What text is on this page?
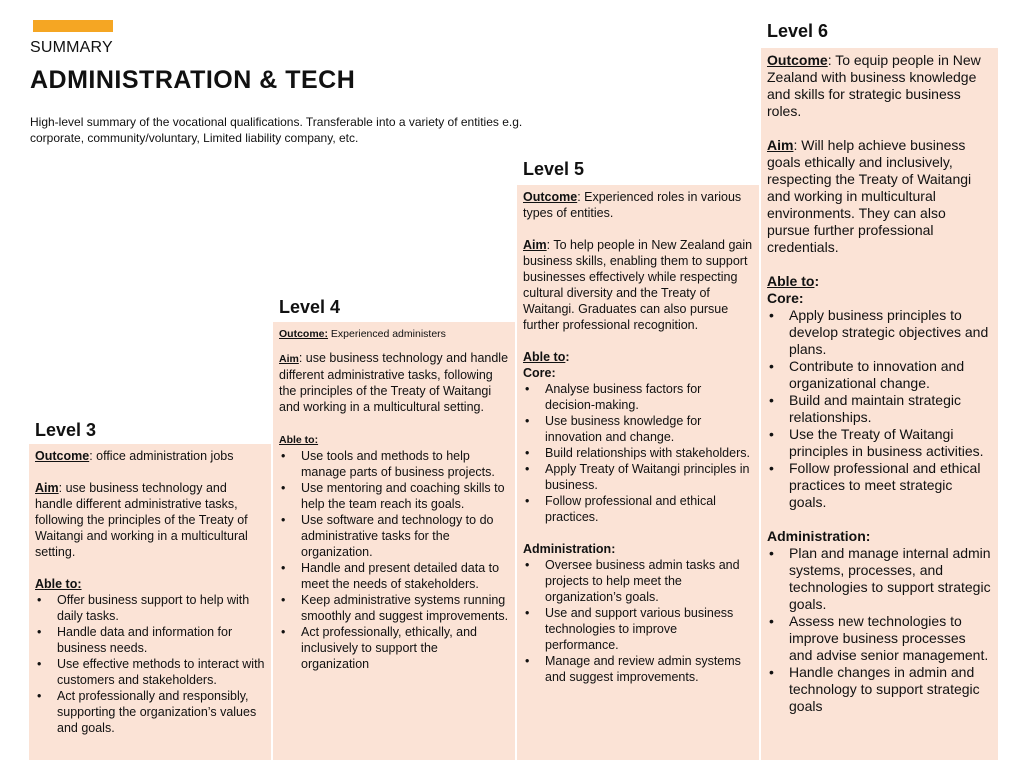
SUMMARY
ADMINISTRATION & TECH

High-level summary of the vocational qualifications. Transferable into a variety of entities e.g. corporate, community/voluntary, Limited liability company, etc.

Level 3

Outcome: office administration jobs

Aim: use business technology and handle different administrative tasks, following the principles of the Treaty of Waitangi and working in a multicultural setting.

Able to:

• Offer business support to help with daily tasks.
• Handle data and information for business needs.
• Use effective methods to interact with customers and stakeholders.
• Act professionally and responsibly, supporting the organization’s values and goals.
Level 4

Outcome: Experienced administers

Aim: use business technology and handle different administrative tasks, following the principles of the Treaty of Waitangi and working in a multicultural setting.

Able to:

• Use tools and methods to help manage parts of business projects.
• Use mentoring and coaching skills to help the team reach its goals.
• Use software and technology to do administrative tasks for the organization.
• Handle and present detailed data to meet the needs of stakeholders.
• Keep administrative systems running smoothly and suggest improvements.
• Act professionally, ethically, and inclusively to support the organization
Level 5

Outcome: Experienced roles in various types of entities.

Aim: To help people in New Zealand gain business skills, enabling them to support businesses effectively while respecting cultural diversity and the Treaty of Waitangi. Graduates can also pursue further professional recognition.

Able to:

Core:

• Analyse business factors for decision-making.
• Use business knowledge for innovation and change.
• Build relationships with stakeholders.
• Apply Treaty of Waitangi principles in business.
• Follow professional and ethical practices.

Administration:

• Oversee business admin tasks and projects to help meet the organization’s goals.
• Use and support various business technologies to improve performance.
• Manage and review admin systems and suggest improvements.
Level 6

Outcome: To equip people in New Zealand with business knowledge and skills for strategic business roles.

Aim: Will help achieve business goals ethically and inclusively, respecting the Treaty of Waitangi and working in multicultural environments. They can also pursue further professional credentials.

Able to:

Core:

• Apply business principles to develop strategic objectives and plans.
• Contribute to innovation and organizational change.
• Build and maintain strategic relationships.
• Use the Treaty of Waitangi principles in business activities.
• Follow professional and ethical practices to meet strategic goals.

Administration:

• Plan and manage internal admin systems, processes, and technologies to support strategic goals.
• Assess new technologies to improve business processes and advise senior management.
• Handle changes in admin and technology to support strategic goals
